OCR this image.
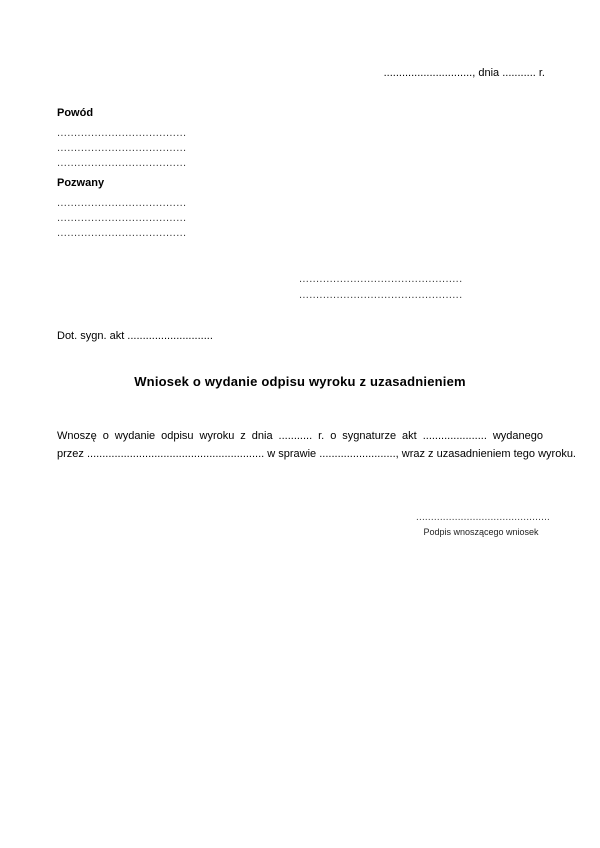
............................., dnia ........... r.
Powód
......................................
......................................
......................................
Pozwany
......................................
......................................
......................................
................................................
................................................
Dot. sygn. akt ............................
Wniosek o wydanie odpisu wyroku z uzasadnieniem
Wnoszę o wydanie odpisu wyroku z dnia ........... r. o sygnaturze akt ..................... wydanego
przez .......................................................... w sprawie ........................., wraz z uzasadnieniem tego wyroku.
.............................................
Podpis wnoszącego wniosek
